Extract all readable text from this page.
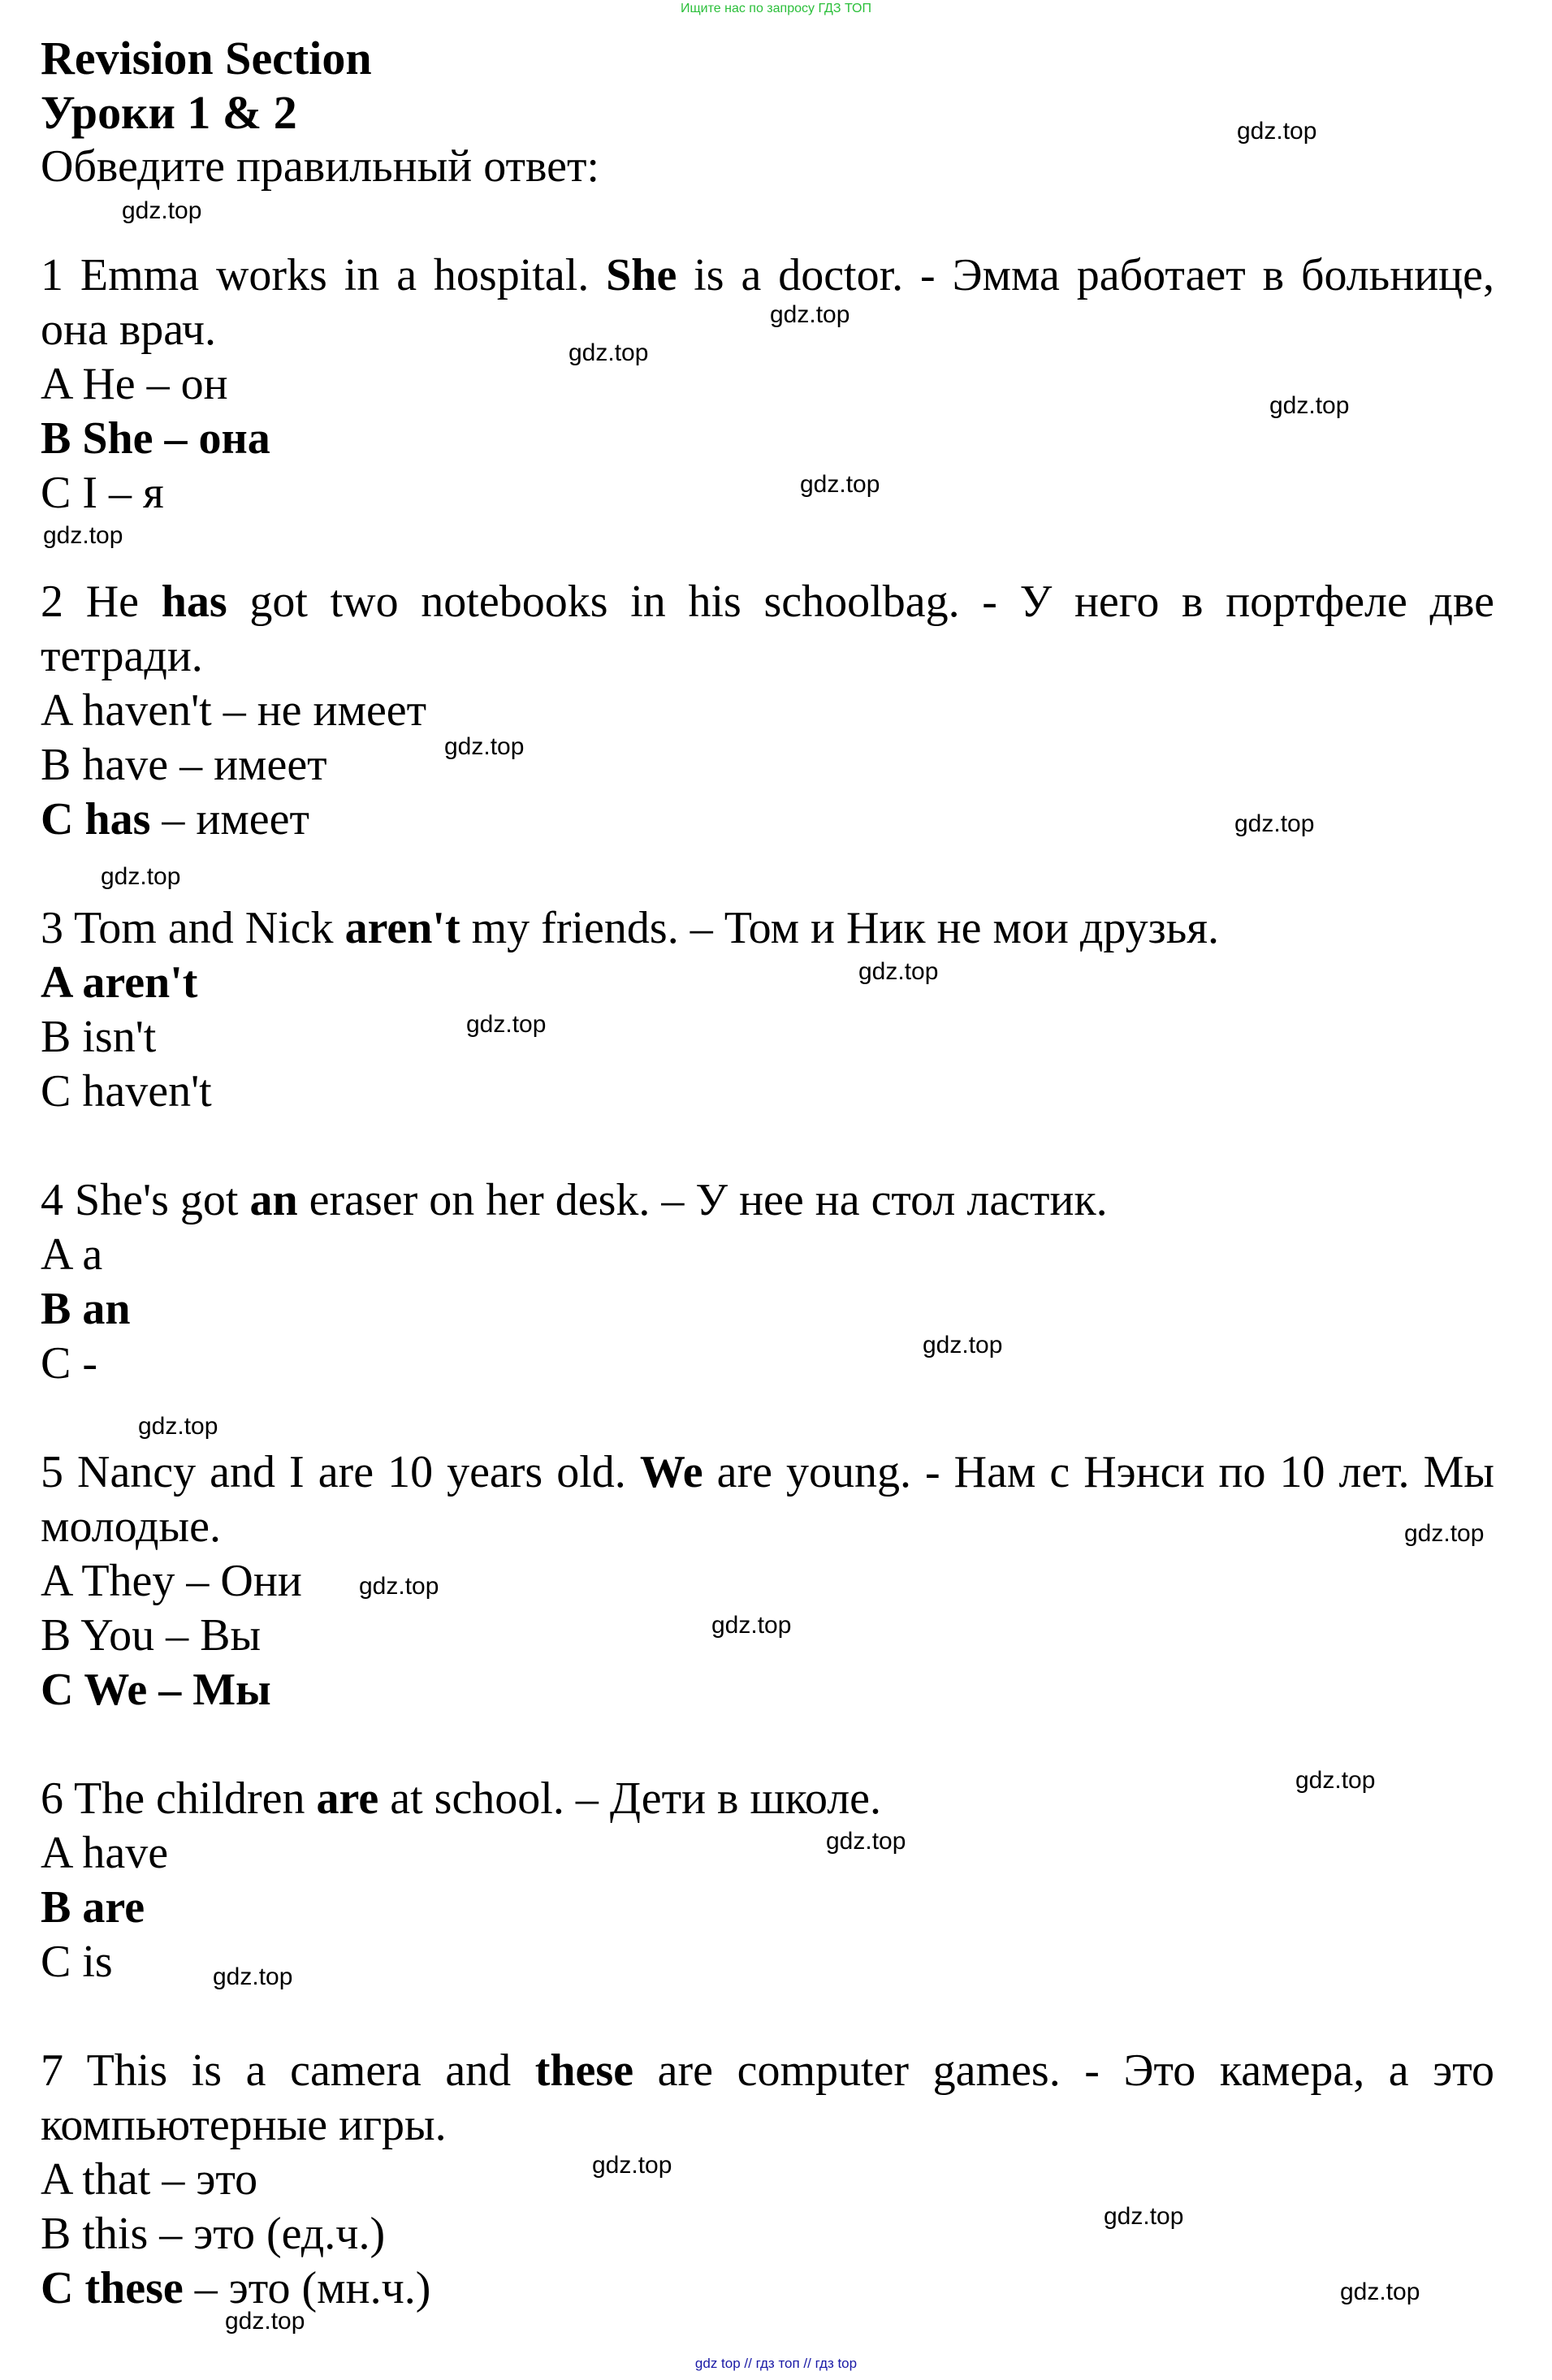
Ищите нас по запросу ГДЗ ТОП
Revision Section
Уроки 1 & 2
Обведите правильный ответ:
1 Emma works in a hospital. She is a doctor. - Эмма работает в больнице, она врач.
A He – он
B She – она
C I – я
2 He has got two notebooks in his schoolbag. - У него в портфеле две тетради.
A haven't – не имеет
B have – имеет
C has – имеет
3 Tom and Nick aren't my friends. – Том и Ник не мои друзья.
A aren't
B isn't
C haven't
4 She's got an eraser on her desk. – У нее на стол ластик.
A a
B an
C -
5 Nancy and I are 10 years old. We are young. - Нам с Нэнси по 10 лет. Мы молодые.
A They – Они
B You – Вы
C We – Мы
6 The children are at school. – Дети в школе.
A have
B are
C is
7 This is a camera and these are computer games. - Это камера, а это компьютерные игры.
A that – это
B this – это (ед.ч.)
C these – это (мн.ч.)
gdz.top
gdz.top
gdz.top
gdz.top
gdz.top
gdz.top
gdz.top
gdz.top
gdz.top
gdz.top
gdz.top
gdz.top
gdz.top
gdz.top
gdz.top
gdz.top
gdz.top
gdz.top
gdz.top
gdz.top
gdz.top
gdz.top
gdz.top
gdz.top
gdz top // гдз топ // гдз top
